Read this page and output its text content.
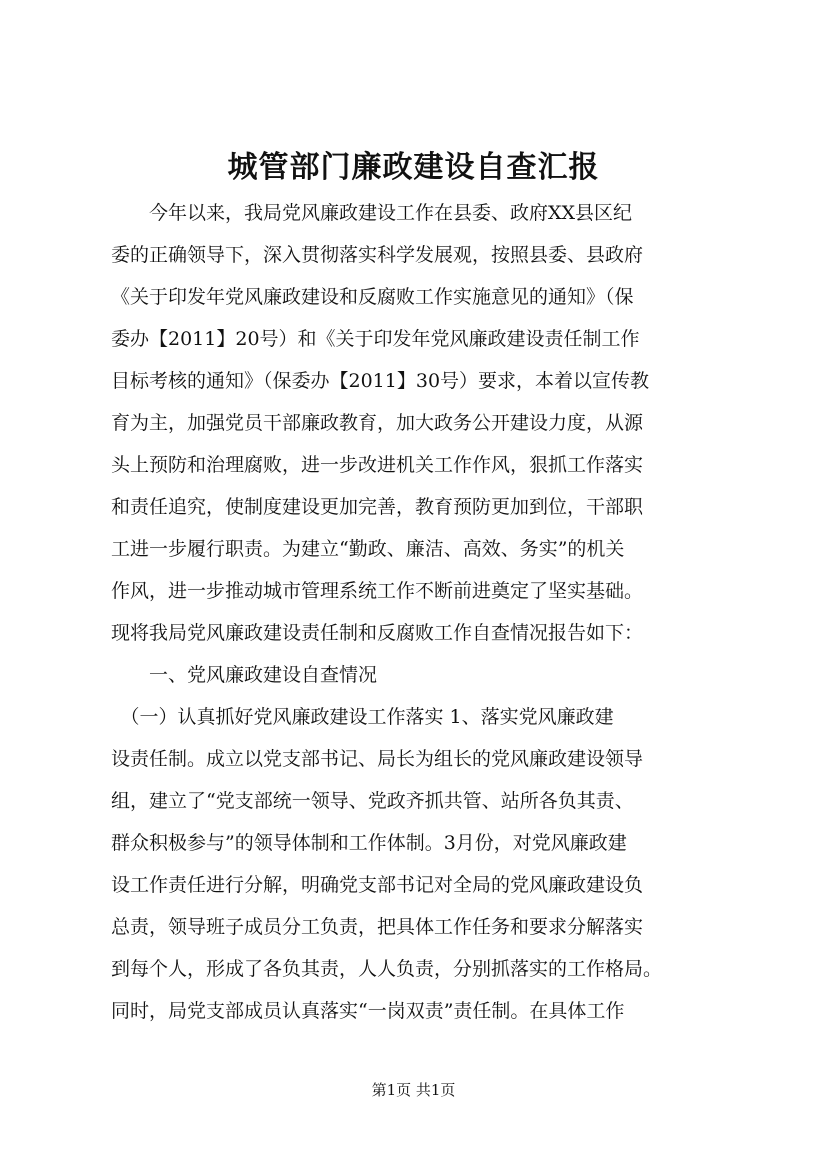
城管部门廉政建设自查汇报
　　今年以来，我局党风廉政建设工作在县委、政府XX县区纪
委的正确领导下，深入贯彻落实科学发展观，按照县委、县政府
《关于印发年党风廉政建设和反腐败工作实施意见的通知》（保
委办【2011】20号）和《关于印发年党风廉政建设责任制工作
目标考核的通知》（保委办【2011】30号）要求，本着以宣传教
育为主，加强党员干部廉政教育，加大政务公开建设力度，从源
头上预防和治理腐败，进一步改进机关工作作风，狠抓工作落实
和责任追究，使制度建设更加完善，教育预防更加到位，干部职
工进一步履行职责。为建立“勤政、廉洁、高效、务实”的机关
作风，进一步推动城市管理系统工作不断前进奠定了坚实基础。
现将我局党风廉政建设责任制和反腐败工作自查情况报告如下：
　　一、党风廉政建设自查情况
　（一）认真抓好党风廉政建设工作落实 1、落实党风廉政建
设责任制。成立以党支部书记、局长为组长的党风廉政建设领导
组，建立了“党支部统一领导、党政齐抓共管、站所各负其责、
群众积极参与”的领导体制和工作体制。3月份，对党风廉政建
设工作责任进行分解，明确党支部书记对全局的党风廉政建设负
总责，领导班子成员分工负责，把具体工作任务和要求分解落实
到每个人，形成了各负其责，人人负责，分别抓落实的工作格局。
同时，局党支部成员认真落实“一岗双责”责任制。在具体工作
第1页 共1页
